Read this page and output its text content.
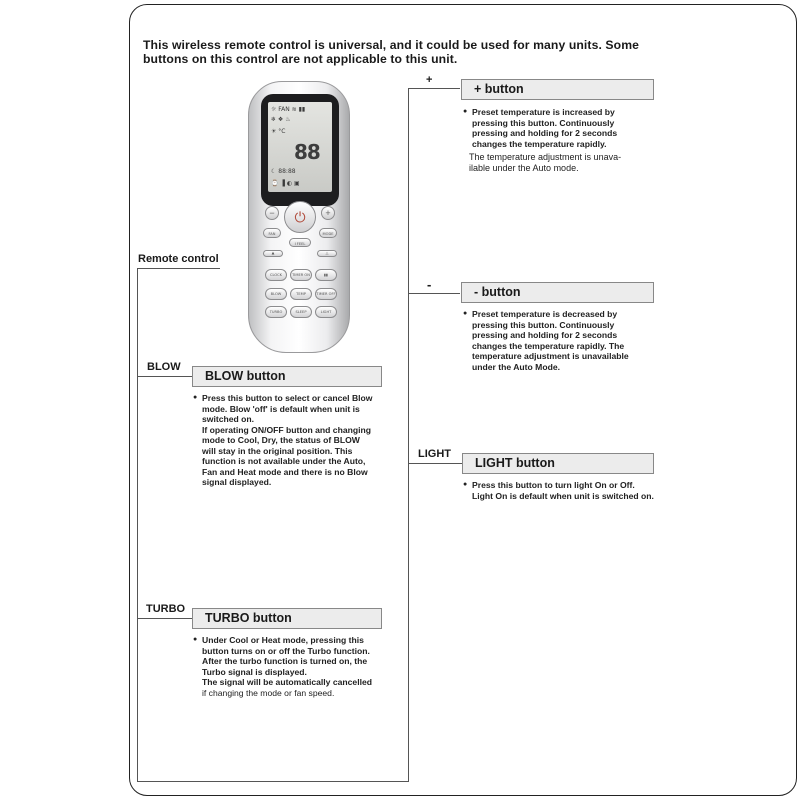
This wireless remote control is universal, and it could be used for many units. Some
buttons on this control are not applicable to this unit.
☼ FAN ≋ ▮▮
❄ ❖ ♨
☀ °C
88
☾ 88:88
⌚ ▐ ◐ ▣
−	⏻	+
FAN
I FEEL
MODE
▲	△
CLOCK	TIMER ON	▮▮
BLOW	TEMP	TIMER OFF
TURBO	SLEEP	LIGHT
Remote control
+
+ button
● Preset temperature is increased by
pressing this button. Continuously
pressing and holding for 2 seconds
changes the temperature rapidly.
The temperature adjustment is unava-
ilable under the Auto mode.
-	- button
● Preset temperature is decreased by
pressing this button. Continuously
pressing and holding for 2 seconds
changes the temperature rapidly. The
temperature adjustment is unavailable
under the Auto Mode.
BLOW
BLOW button
● Press this button to select or cancel Blow
mode. Blow 'off' is default when unit is
switched on.
If operating ON/OFF button and changing
mode to Cool, Dry, the status of BLOW
will stay in the original position. This
function is not available under the Auto,
Fan and Heat mode and there is no Blow
signal displayed.
LIGHT
LIGHT button
● Press this button to turn light On or Off.
Light On is default when unit is switched on.
TURBO
TURBO button
● Under Cool or Heat mode, pressing this
button turns on or off the Turbo function.
After the turbo function is turned on, the
Turbo signal is displayed.
The signal will be automatically cancelled
if changing the mode or fan speed.
